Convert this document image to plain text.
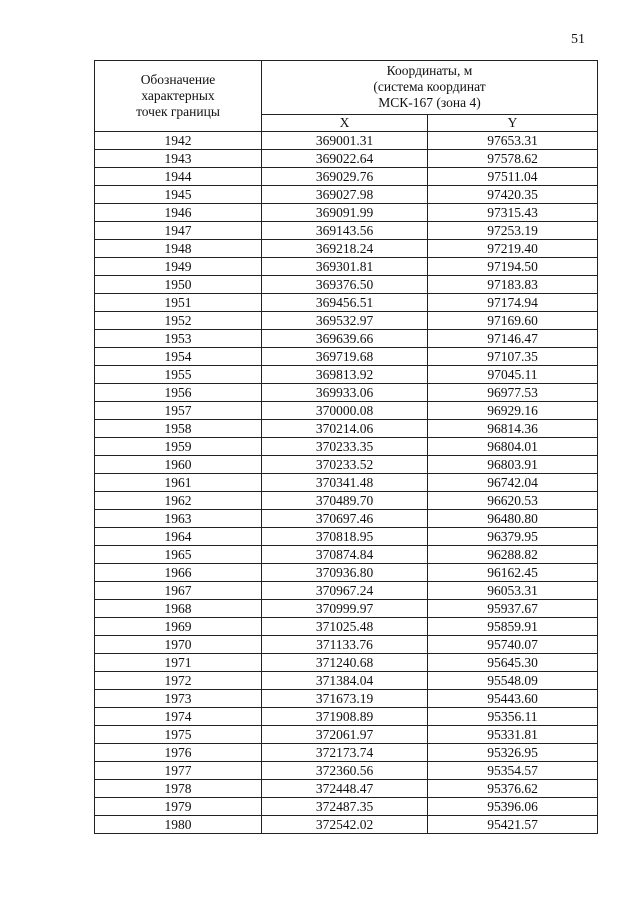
51
Обозначение
характерных
точек границы	Координаты, м
(система координат
МСК-167 (зона 4)	

	X	Y
1942	369001.31	97653.31
1943	369022.64	97578.62
1944	369029.76	97511.04
1945	369027.98	97420.35
1946	369091.99	97315.43
1947	369143.56	97253.19
1948	369218.24	97219.40
1949	369301.81	97194.50
1950	369376.50	97183.83
1951	369456.51	97174.94
1952	369532.97	97169.60
1953	369639.66	97146.47
1954	369719.68	97107.35
1955	369813.92	97045.11
1956	369933.06	96977.53
1957	370000.08	96929.16
1958	370214.06	96814.36
1959	370233.35	96804.01
1960	370233.52	96803.91
1961	370341.48	96742.04
1962	370489.70	96620.53
1963	370697.46	96480.80
1964	370818.95	96379.95
1965	370874.84	96288.82
1966	370936.80	96162.45
1967	370967.24	96053.31
1968	370999.97	95937.67
1969	371025.48	95859.91
1970	371133.76	95740.07
1971	371240.68	95645.30
1972	371384.04	95548.09
1973	371673.19	95443.60
1974	371908.89	95356.11
1975	372061.97	95331.81
1976	372173.74	95326.95
1977	372360.56	95354.57
1978	372448.47	95376.62
1979	372487.35	95396.06
1980	372542.02	95421.57
